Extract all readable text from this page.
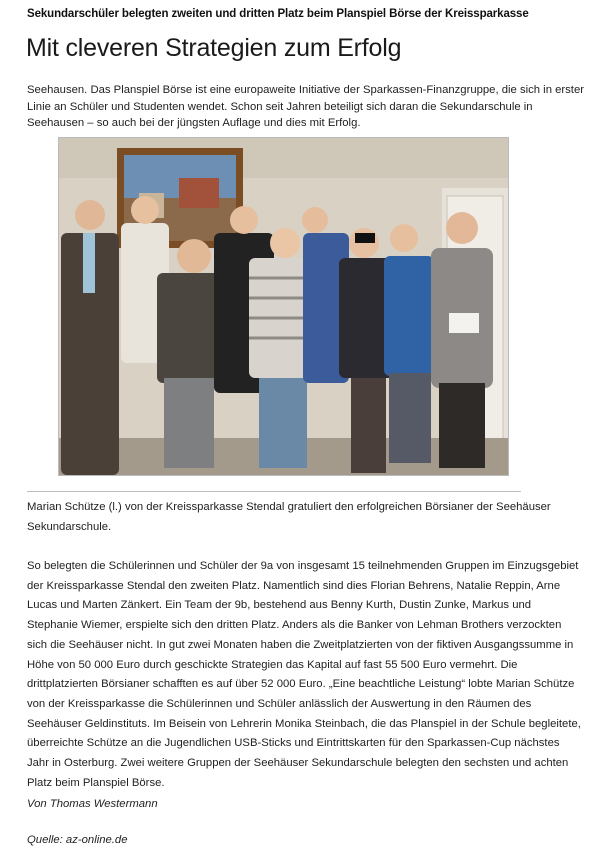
Sekundarschüler belegten zweiten und dritten Platz beim Planspiel Börse der Kreissparkasse
Mit cleveren Strategien zum Erfolg

Seehausen. Das Planspiel Börse ist eine europaweite Initiative der Sparkassen-Finanzgruppe, die sich in erster Linie an Schüler und Studenten wendet. Schon seit Jahren beteiligt sich daran die Sekundarschule in Seehausen – so auch bei der jüngsten Auflage und dies mit Erfolg.

Marian Schütze (l.) von der Kreissparkasse Stendal gratuliert den erfolgreichen Börsianer der Seehäuser Sekundarschule.

So belegten die Schülerinnen und Schüler der 9a von insgesamt 15 teilnehmenden Gruppen im Einzugsgebiet der Kreissparkasse Stendal den zweiten Platz. Namentlich sind dies Florian Behrens, Natalie Reppin, Arne Lucas und Marten Zänkert. Ein Team der 9b, bestehend aus Benny Kurth, Dustin Zunke, Markus und Stephanie Wiemer, erspielte sich den dritten Platz. Anders als die Banker von Lehman Brothers verzockten sich die Seehäuser nicht. In gut zwei Monaten haben die Zweitplatzierten von der fiktiven Ausgangssumme in Höhe von 50 000 Euro durch geschickte Strategien das Kapital auf fast 55 500 Euro vermehrt. Die drittplatzierten Börsianer schafften es auf über 52 000 Euro. „Eine beachtliche Leistung“ lobte Marian Schütze von der Kreissparkasse die Schülerinnen und Schüler anlässlich der Auswertung in den Räumen des Seehäuser Geldinstituts. Im Beisein von Lehrerin Monika Steinbach, die das Planspiel in der Schule begleitete, überreichte Schütze an die Jugendlichen USB-Sticks und Eintrittskarten für den Sparkassen-Cup nächstes Jahr in Osterburg. Zwei weitere Gruppen der Seehäuser Sekundarschule belegten den sechsten und achten Platz beim Planspiel Börse.

Von Thomas Westermann

Quelle: az-online.de
